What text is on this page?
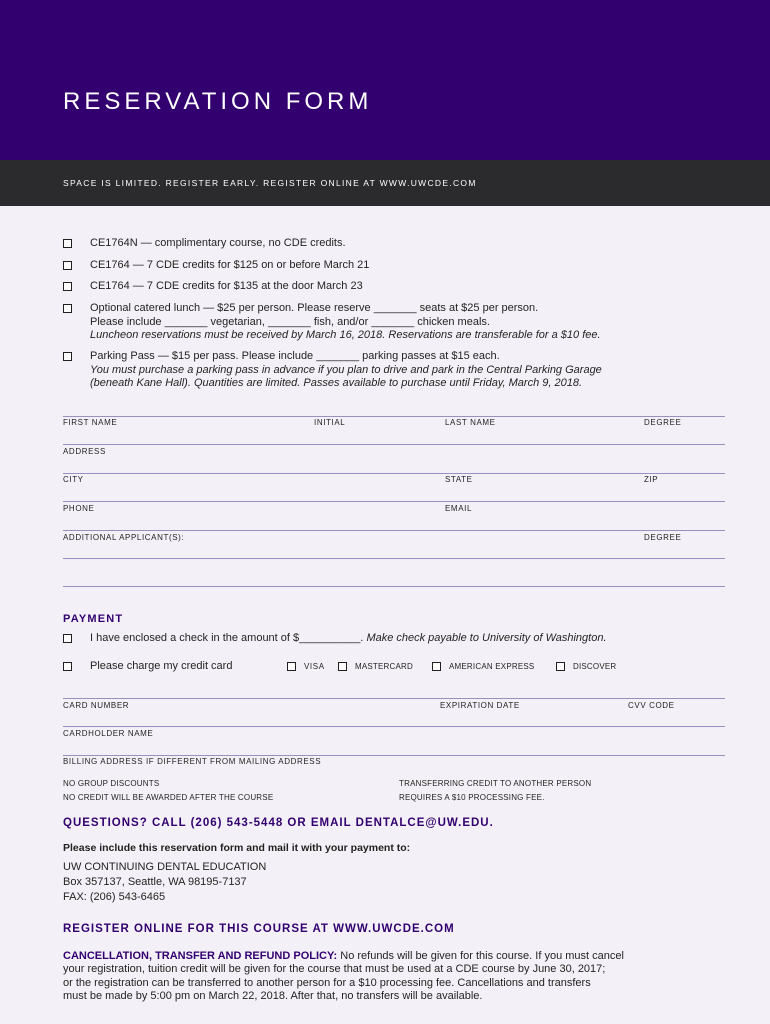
RESERVATION FORM
SPACE IS LIMITED. REGISTER EARLY. REGISTER ONLINE AT WWW.UWCDE.COM
CE1764N — complimentary course, no CDE credits.
CE1764 — 7 CDE credits for $125 on or before March 21
CE1764 — 7 CDE credits for $135 at the door March 23
Optional catered lunch — $25 per person. Please reserve _______ seats at $25 per person.
Please include _______ vegetarian, _______ fish, and/or _______ chicken meals.
Luncheon reservations must be received by March 16, 2018. Reservations are transferable for a $10 fee.
Parking Pass — $15 per pass. Please include _______ parking passes at $15 each.
You must purchase a parking pass in advance if you plan to drive and park in the Central Parking Garage
(beneath Kane Hall). Quantities are limited. Passes available to purchase until Friday, March 9, 2018.
FIRST NAME	INITIAL	LAST NAME	DEGREE
ADDRESS
CITY	STATE	ZIP
PHONE	EMAIL
ADDITIONAL APPLICANT(S):	DEGREE
PAYMENT
I have enclosed a check in the amount of $__________. Make check payable to University of Washington.
Please charge my credit card	VISA	MASTERCARD	AMERICAN EXPRESS	DISCOVER
CARD NUMBER	EXPIRATION DATE	CVV CODE
CARDHOLDER NAME
BILLING ADDRESS IF DIFFERENT FROM MAILING ADDRESS
NO GROUP DISCOUNTS
NO CREDIT WILL BE AWARDED AFTER THE COURSE
TRANSFERRING CREDIT TO ANOTHER PERSON
REQUIRES A $10 PROCESSING FEE.
QUESTIONS? CALL (206) 543-5448 OR EMAIL DENTALCE@UW.EDU.
Please include this reservation form and mail it with your payment to:
UW CONTINUING DENTAL EDUCATION
Box 357137, Seattle, WA 98195-7137
FAX: (206) 543-6465
REGISTER ONLINE FOR THIS COURSE AT WWW.UWCDE.COM
CANCELLATION, TRANSFER AND REFUND POLICY: No refunds will be given for this course. If you must cancel
your registration, tuition credit will be given for the course that must be used at a CDE course by June 30, 2017;
or the registration can be transferred to another person for a $10 processing fee. Cancellations and transfers
must be made by 5:00 pm on March 22, 2018. After that, no transfers will be available.
